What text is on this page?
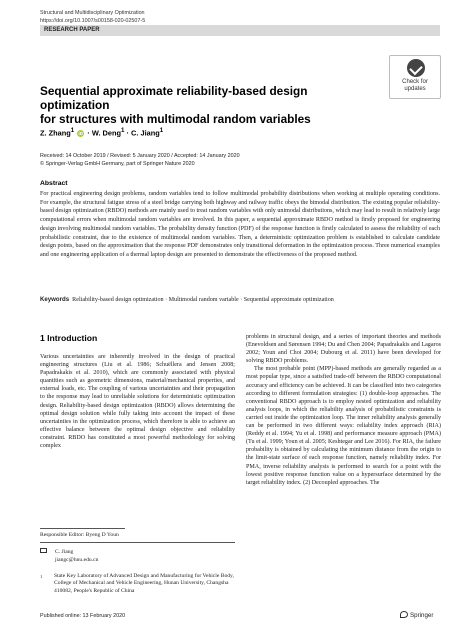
Structural and Multidisciplinary Optimization
https://doi.org/10.1007/s00158-020-02507-5
RESEARCH PAPER
Check for
updates
Sequential approximate reliability-based design optimization
for structures with multimodal random variables
Z. Zhang$^1$ iD · W. Deng$^1$ · C. Jiang$^1$
Received: 14 October 2019 / Revised: 5 January 2020 / Accepted: 14 January 2020
© Springer-Verlag GmbH Germany, part of Springer Nature 2020
Abstract
For practical engineering design problems, random variables tend to follow multimodal probability distributions when working at multiple operating conditions. For example, the structural fatigue stress of a steel bridge carrying both highway and railway traffic obeys the bimodal distribution. The existing popular reliability-based design optimization (RBDO) methods are mainly used to treat random variables with only unimodal distributions, which may lead to result in relatively large computational errors when multimodal random variables are involved. In this paper, a sequential approximate RBDO method is firstly proposed for engineering design involving multimodal random variables. The probability density function (PDF) of the response function is firstly calculated to assess the reliability of each probabilistic constraint, due to the existence of multimodal random variables. Then, a deterministic optimization problem is established to calculate candidate design points, based on the approximation that the response PDF demonstrates only transitional deformation in the optimization process. Three numerical examples and one engineering application of a thermal laptop design are presented to demonstrate the effectiveness of the proposed method.
Keywords Reliability-based design optimization · Multimodal random variable · Sequential approximate optimization
1 Introduction
Various uncertainties are inherently involved in the design of practical engineering structures (Liu et al. 1986; Schuëllera and Jensen 2008; Papadrakakis et al. 2010), which are commonly associated with physical quantities such as geometric dimensions, material/mechanical properties, and external loads, etc. The coupling of various uncertainties and their propagation to the response may lead to unreliable solutions for deterministic optimization design. Reliability-based design optimization (RBDO) allows determining the optimal design solution while fully taking into account the impact of these uncertainties in the optimization process, which therefore is able to achieve an effective balance between the optimal design objective and reliability constraint. RBDO has constituted a most powerful methodology for solving complex
Responsible Editor: Byeng D Youn
C. Jiang
jiangc@hnu.edu.cn
1	State Key Laboratory of Advanced Design and Manufacturing for Vehicle Body, College of Mechanical and Vehicle Engineering, Hunan University, Changsha 410082, People's Republic of China

problems in structural design, and a series of important theories and methods (Enevoldsen and Sørensen 1994; Du and Chen 2004; Papadrakakis and Lagaros 2002; Youn and Choi 2004; Dubourg et al. 2011) have been developed for solving RBDO problems.

The most probable point (MPP)-based methods are generally regarded as a most popular type, since a satisfied trade-off between the RBDO computational accuracy and efficiency can be achieved. It can be classified into two categories according to different formulation strategies: (1) double-loop approaches. The conventional RBDO approach is to employ nested optimization and reliability analysis loops, in which the reliability analysis of probabilistic constraints is carried out inside the optimization loop. The inner reliability analysis generally can be performed in two different ways: reliability index approach (RIA) (Reddy et al. 1994; Yu et al. 1998) and performance measure approach (PMA) (Tu et al. 1999; Youn et al. 2005; Keshtegar and Lee 2016). For RIA, the failure probability is obtained by calculating the minimum distance from the origin to the limit-state surface of each response function, namely reliability index. For PMA, inverse reliability analysis is performed to search for a point with the lowest positive response function value on a hypersurface determined by the target reliability index. (2) Decoupled approaches. The

Published online: 13 February 2020	Springer
